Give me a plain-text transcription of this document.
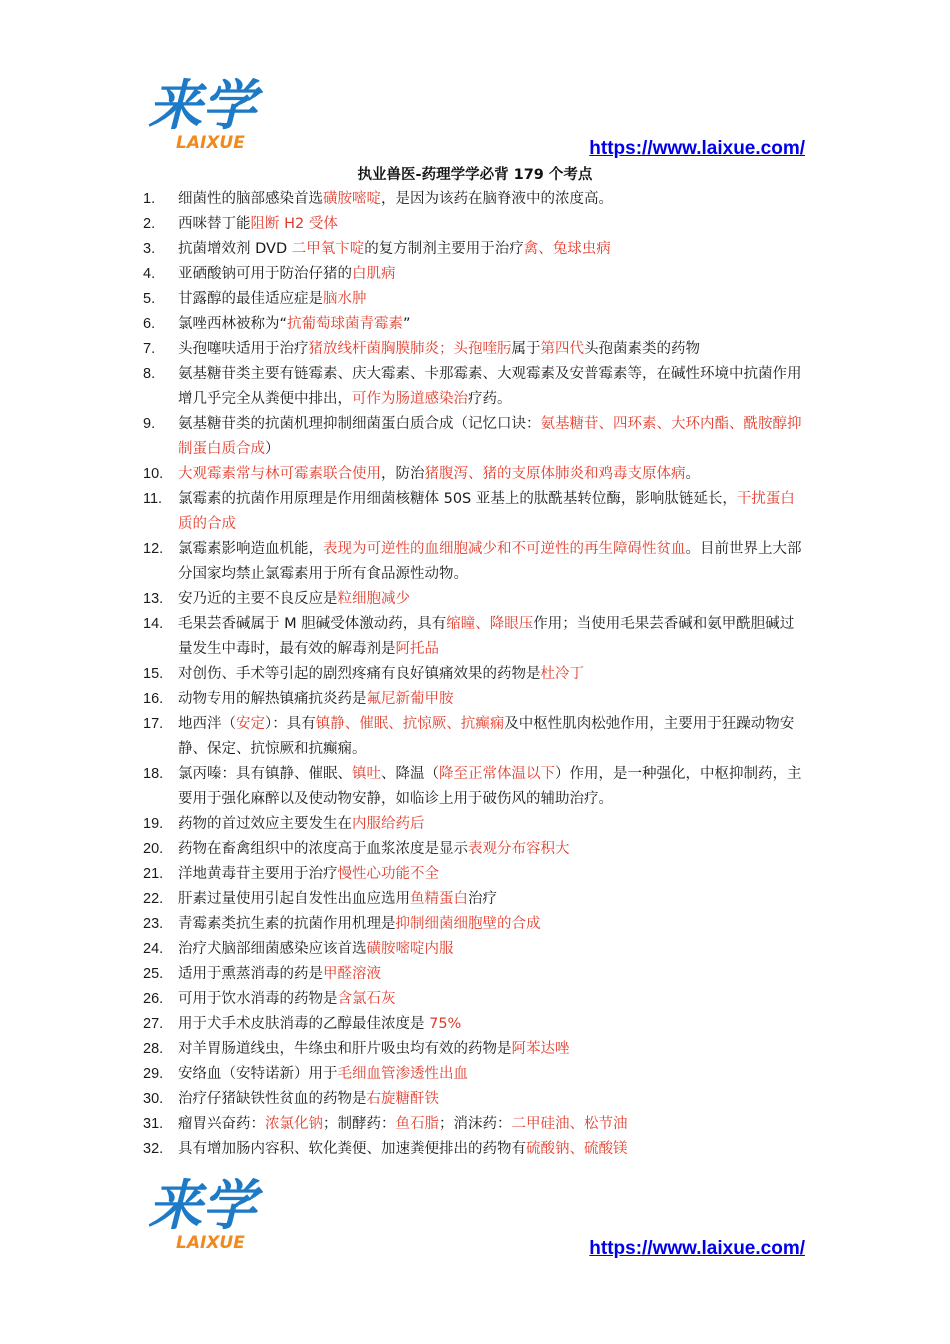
来学
LAIXUE	https://www.laixue.com/
执业兽医-药理学学必背 179 个考点
1. 细菌性的脑部感染首选磺胺嘧啶，是因为该药在脑脊液中的浓度高。
2. 西咪替丁能阻断 H2 受体
3. 抗菌增效剂 DVD 二甲氧卞啶的复方制剂主要用于治疗禽、兔球虫病
4. 亚硒酸钠可用于防治仔猪的白肌病
5. 甘露醇的最佳适应症是脑水肿
6. 氯唑西林被称为“抗葡萄球菌青霉素”
7. 头孢噻呋适用于治疗猪放线杆菌胸膜肺炎；头孢喹肟属于第四代头孢菌素类的药物
8. 氨基糖苷类主要有链霉素、庆大霉素、卡那霉素、大观霉素及安普霉素等，在碱性环境中抗菌作用增几乎完全从粪便中排出，可作为肠道感染治疗药。
9. 氨基糖苷类的抗菌机理抑制细菌蛋白质合成（记忆口诀：氨基糖苷、四环素、大环内酯、酰胺醇抑制蛋白质合成）
10. 大观霉素常与林可霉素联合使用，防治猪腹泻、猪的支原体肺炎和鸡毒支原体病。
11. 氯霉素的抗菌作用原理是作用细菌核糖体 50S 亚基上的肽酰基转位酶，影响肽链延长，干扰蛋白质的合成
12. 氯霉素影响造血机能，表现为可逆性的血细胞减少和不可逆性的再生障碍性贫血。目前世界上大部分国家均禁止氯霉素用于所有食品源性动物。
13. 安乃近的主要不良反应是粒细胞减少
14. 毛果芸香碱属于 M 胆碱受体激动药，具有缩瞳、降眼压作用；当使用毛果芸香碱和氨甲酰胆碱过量发生中毒时，最有效的解毒剂是阿托品
15. 对创伤、手术等引起的剧烈疼痛有良好镇痛效果的药物是杜冷丁
16. 动物专用的解热镇痛抗炎药是氟尼新葡甲胺
17. 地西泮（安定）：具有镇静、催眠、抗惊厥、抗癫痫及中枢性肌肉松弛作用，主要用于狂躁动物安静、保定、抗惊厥和抗癫痫。
18. 氯丙嗪：具有镇静、催眠、镇吐、降温（降至正常体温以下）作用，是一种强化，中枢抑制药，主要用于强化麻醉以及使动物安静，如临诊上用于破伤风的辅助治疗。
19. 药物的首过效应主要发生在内服给药后
20. 药物在畜禽组织中的浓度高于血浆浓度是显示表观分布容积大
21. 洋地黄毒苷主要用于治疗慢性心功能不全
22. 肝素过量使用引起自发性出血应选用鱼精蛋白治疗
23. 青霉素类抗生素的抗菌作用机理是抑制细菌细胞壁的合成
24. 治疗犬脑部细菌感染应该首选磺胺嘧啶内服
25. 适用于熏蒸消毒的药是甲醛溶液
26. 可用于饮水消毒的药物是含氯石灰
27. 用于犬手术皮肤消毒的乙醇最佳浓度是 75%
28. 对羊胃肠道线虫，牛绦虫和肝片吸虫均有效的药物是阿苯达唑
29. 安络血（安特诺新）用于毛细血管渗透性出血
30. 治疗仔猪缺铁性贫血的药物是右旋糖酐铁
31. 瘤胃兴奋药：浓氯化钠；制酵药：鱼石脂；消沫药：二甲硅油、松节油
32. 具有增加肠内容积、软化粪便、加速粪便排出的药物有硫酸钠、硫酸镁
来学
LAIXUE	https://www.laixue.com/
